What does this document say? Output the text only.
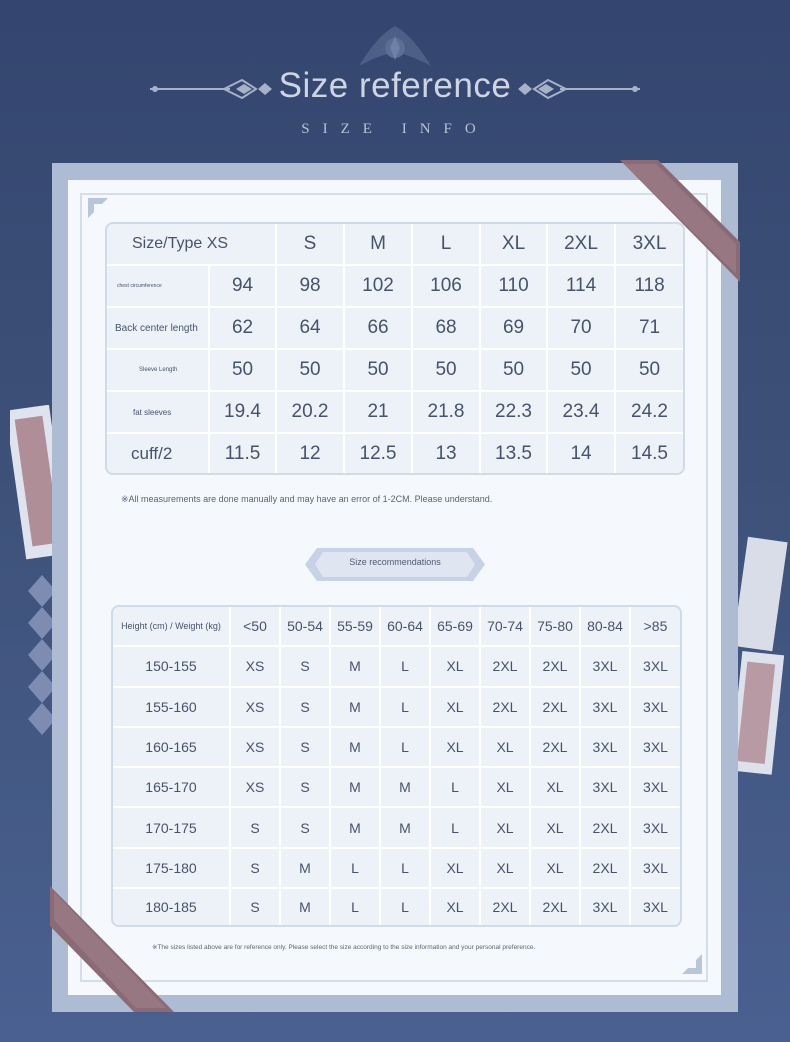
Size reference
SIZE INFO
Size/Type XS		S	M	L	XL	2XL	3XL
chest circumference	94	98	102	106	110	114	118
Back center length	62	64	66	68	69	70	71
Sleeve Length	50	50	50	50	50	50	50
fat sleeves	19.4	20.2	21	21.8	22.3	23.4	24.2
cuff/2	11.5	12	12.5	13	13.5	14	14.5
※All measurements are done manually and may have an error of 1-2CM. Please understand.
Size recommendations
Height (cm) / Weight (kg)	<50	50-54	55-59	60-64	65-69	70-74	75-80	80-84	>85
150-155	XS	S	M	L	XL	2XL	2XL	3XL	3XL
155-160	XS	S	M	L	XL	2XL	2XL	3XL	3XL
160-165	XS	S	M	L	XL	XL	2XL	3XL	3XL
165-170	XS	S	M	M	L	XL	XL	3XL	3XL
170-175	S	S	M	M	L	XL	XL	2XL	3XL
175-180	S	M	L	L	XL	XL	XL	2XL	3XL
180-185	S	M	L	L	XL	2XL	2XL	3XL	3XL
※The sizes listed above are for reference only. Please select the size according to the size information and your personal preference.
